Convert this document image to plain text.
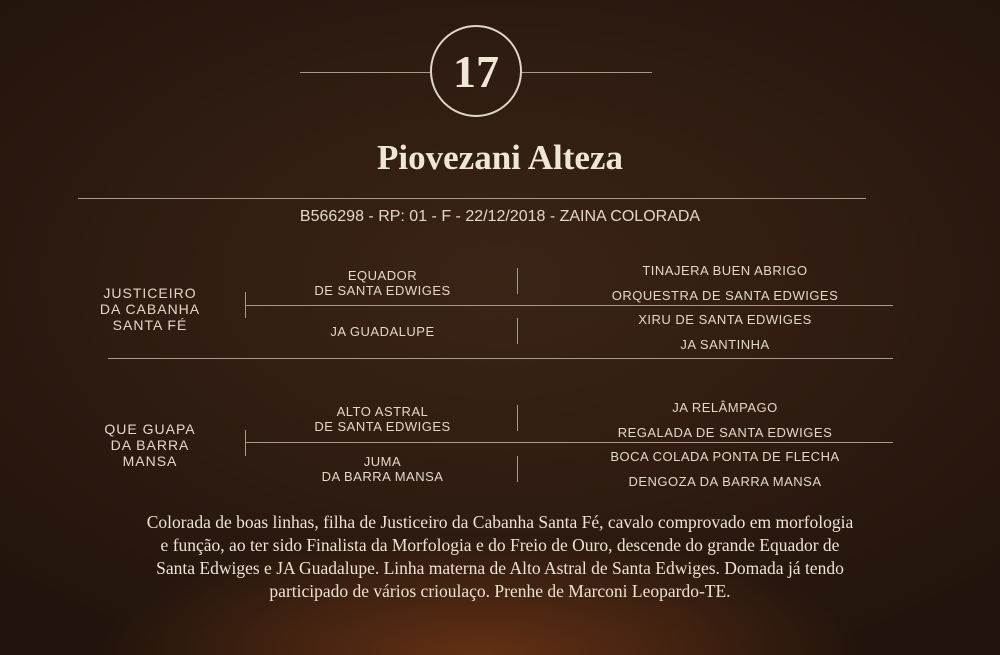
17
Piovezani Alteza
B566298 - RP: 01 - F - 22/12/2018 - ZAINA COLORADA
JUSTICEIRO
DA CABANHA
SANTA FÉ
EQUADOR
DE SANTA EDWIGES
JA GUADALUPE
TINAJERA BUEN ABRIGO
ORQUESTRA DE SANTA EDWIGES
XIRU DE SANTA EDWIGES
JA SANTINHA
QUE GUAPA
DA BARRA
MANSA
ALTO ASTRAL
DE SANTA EDWIGES
JUMA
DA BARRA MANSA
JA RELÂMPAGO
REGALADA DE SANTA EDWIGES
BOCA COLADA PONTA DE FLECHA
DENGOZA DA BARRA MANSA
Colorada de boas linhas, filha de Justiceiro da Cabanha Santa Fé, cavalo comprovado em morfologia
e função, ao ter sido Finalista da Morfologia e do Freio de Ouro, descende do grande Equador de
Santa Edwiges e JA Guadalupe. Linha materna de Alto Astral de Santa Edwiges. Domada já tendo
participado de vários crioulaço. Prenhe de Marconi Leopardo-TE.
